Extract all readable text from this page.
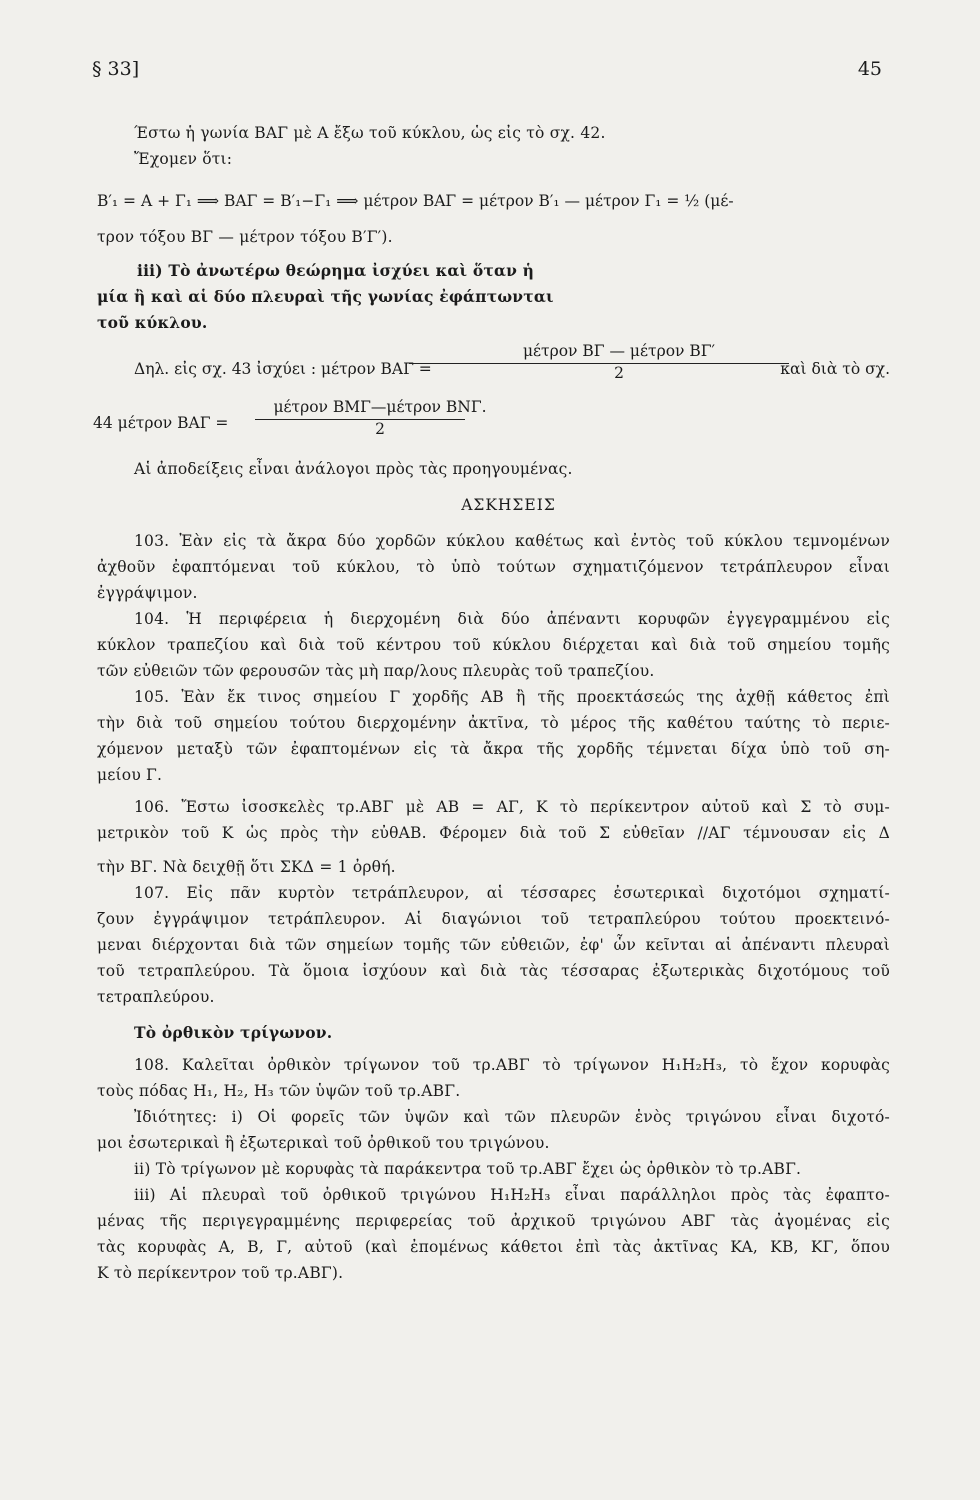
§ 33]	45
Έστω ἡ γωνία BAΓ μὲ A ἔξω τοῦ κύκλου, ὡς εἰς τὸ σχ. 42.
Ἔχομεν ὅτι:
B′₁ = A + Γ₁ ⟹ BAΓ = B′₁−Γ₁ ⟹ μέτρον BAΓ = μέτρον B′₁ — μέτρον Γ₁ = ½ (μέ-
τρον τόξου BΓ — μέτρον τόξου B′Γ′).
iii) Τὸ ἀνωτέρω θεώρημα ἰσχύει καὶ ὅταν ἡ
μία ἢ καὶ αἱ δύο πλευραὶ τῆς γωνίας ἐφάπτωνται
τοῦ κύκλου.
Δηλ. εἰς σχ. 43 ἰσχύει : μέτρον BAΓ =
μέτρον BΓ — μέτρον BΓ′
2	καὶ διὰ τὸ σχ.
44 μέτρον BAΓ =
μέτρον BMΓ—μέτρον BNΓ.
2
Αἱ ἀποδείξεις εἶναι ἀνάλογοι πρὸς τὰς προηγουμένας.
ΑΣΚΗΣΕΙΣ
103. Ἐὰν εἰς τὰ ἄκρα δύο χορδῶν κύκλου καθέτως καὶ ἐντὸς τοῦ κύκλου τεμνομένων
ἀχθοῦν ἐφαπτόμεναι τοῦ κύκλου, τὸ ὑπὸ τούτων σχηματιζόμενον τετράπλευρον εἶναι
ἐγγράψιμον.
104. Ἡ περιφέρεια ἡ διερχομένη διὰ δύο ἀπέναντι κορυφῶν ἐγγεγραμμένου εἰς
κύκλον τραπεζίου καὶ διὰ τοῦ κέντρου τοῦ κύκλου διέρχεται καὶ διὰ τοῦ σημείου τομῆς
τῶν εὐθειῶν τῶν φερουσῶν τὰς μὴ παρ/λους πλευρὰς τοῦ τραπεζίου.
105. Ἐὰν ἔκ τινος σημείου Γ χορδῆς AB ἢ τῆς προεκτάσεώς της ἀχθῇ κάθετος ἐπὶ
τὴν διὰ τοῦ σημείου τούτου διερχομένην ἀκτῖνα, τὸ μέρος τῆς καθέτου ταύτης τὸ περιε-
χόμενον μεταξὺ τῶν ἐφαπτομένων εἰς τὰ ἄκρα τῆς χορδῆς τέμνεται δίχα ὑπὸ τοῦ ση-
μείου Γ.
106. Ἔστω ἰσοσκελὲς τρ.ABΓ μὲ AB = AΓ, K τὸ περίκεντρον αὐτοῦ καὶ Σ τὸ συμ-
μετρικὸν τοῦ K ὡς πρὸς τὴν εὐθAB. Φέρομεν διὰ τοῦ Σ εὐθεῖαν //AΓ τέμνουσαν εἰς Δ
τὴν BΓ. Νὰ δειχθῇ ὅτι ΣKΔ = 1 ὀρθή.
107. Εἰς πᾶν κυρτὸν τετράπλευρον, αἱ τέσσαρες ἐσωτερικαὶ διχοτόμοι σχηματί-
ζουν ἐγγράψιμον τετράπλευρον. Αἱ διαγώνιοι τοῦ τετραπλεύρου τούτου προεκτεινό-
μεναι διέρχονται διὰ τῶν σημείων τομῆς τῶν εὐθειῶν, ἐφ' ὧν κεῖνται αἱ ἀπέναντι πλευραὶ
τοῦ τετραπλεύρου. Τὰ ὅμοια ἰσχύουν καὶ διὰ τὰς τέσσαρας ἐξωτερικὰς διχοτόμους τοῦ
τετραπλεύρου.
Τὸ ὀρθικὸν τρίγωνον.
108. Καλεῖται ὀρθικὸν τρίγωνον τοῦ τρ.ABΓ τὸ τρίγωνον H₁H₂H₃, τὸ ἔχον κορυφὰς
τοὺς πόδας H₁, H₂, H₃ τῶν ὑψῶν τοῦ τρ.ABΓ.
Ἰδιότητες: i) Οἱ φορεῖς τῶν ὑψῶν καὶ τῶν πλευρῶν ἑνὸς τριγώνου εἶναι διχοτό-
μοι ἐσωτερικαὶ ἢ ἐξωτερικαὶ τοῦ ὀρθικοῦ του τριγώνου.
ii) Τὸ τρίγωνον μὲ κορυφὰς τὰ παράκεντρα τοῦ τρ.ABΓ ἔχει ὡς ὀρθικὸν τὸ τρ.ABΓ.
iii) Αἱ πλευραὶ τοῦ ὀρθικοῦ τριγώνου H₁H₂H₃ εἶναι παράλληλοι πρὸς τὰς ἐφαπτο-
μένας τῆς περιγεγραμμένης περιφερείας τοῦ ἀρχικοῦ τριγώνου ABΓ τὰς ἀγομένας εἰς
τὰς κορυφὰς A, B, Γ, αὐτοῦ (καὶ ἐπομένως κάθετοι ἐπὶ τὰς ἀκτῖνας KA, KB, KΓ, ὅπου
K τὸ περίκεντρον τοῦ τρ.ABΓ).
